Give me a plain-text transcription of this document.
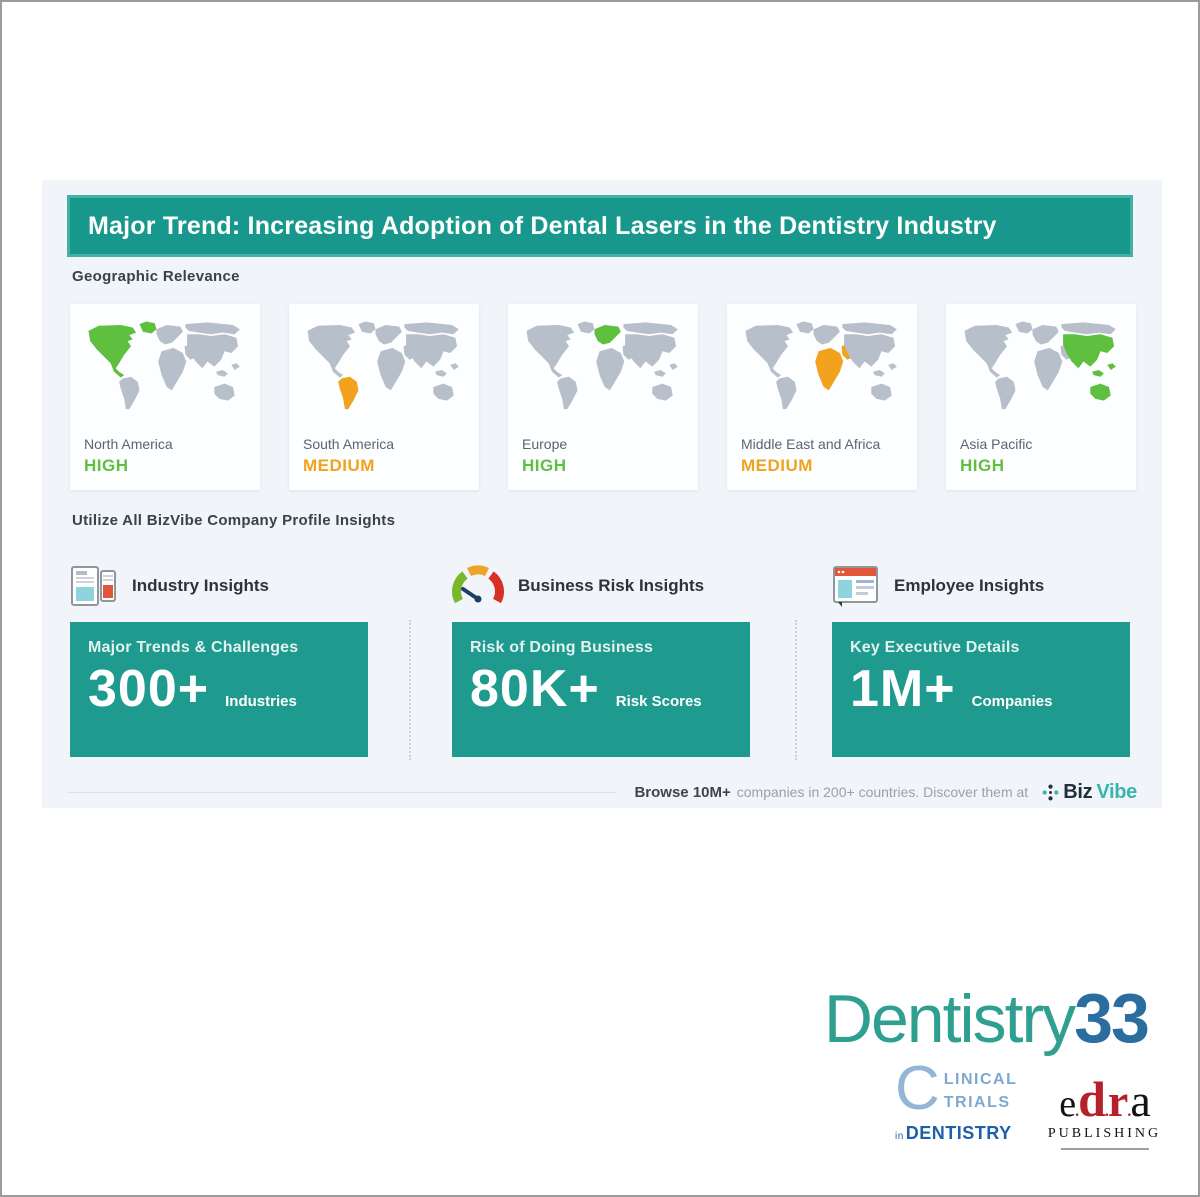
Major Trend: Increasing Adoption of Dental Lasers in the Dentistry Industry
Geographic Relevance
North America
HIGH
South America
MEDIUM
Europe
HIGH
Middle East and Africa
MEDIUM
Asia Pacific
HIGH
Utilize All BizVibe Company Profile Insights
Industry Insights
Major Trends & Challenges
300+ Industries
Business Risk Insights
Risk of Doing Business
80K+ Risk Scores
Employee Insights
Key Executive Details
1M+ Companies
Browse 10M+ companies in 200+ countries. Discover them at Biz Vibe
Dentistry33
C LINICAL
TRIALS
in DENTISTRY
e.d.r.a
PUBLISHING
